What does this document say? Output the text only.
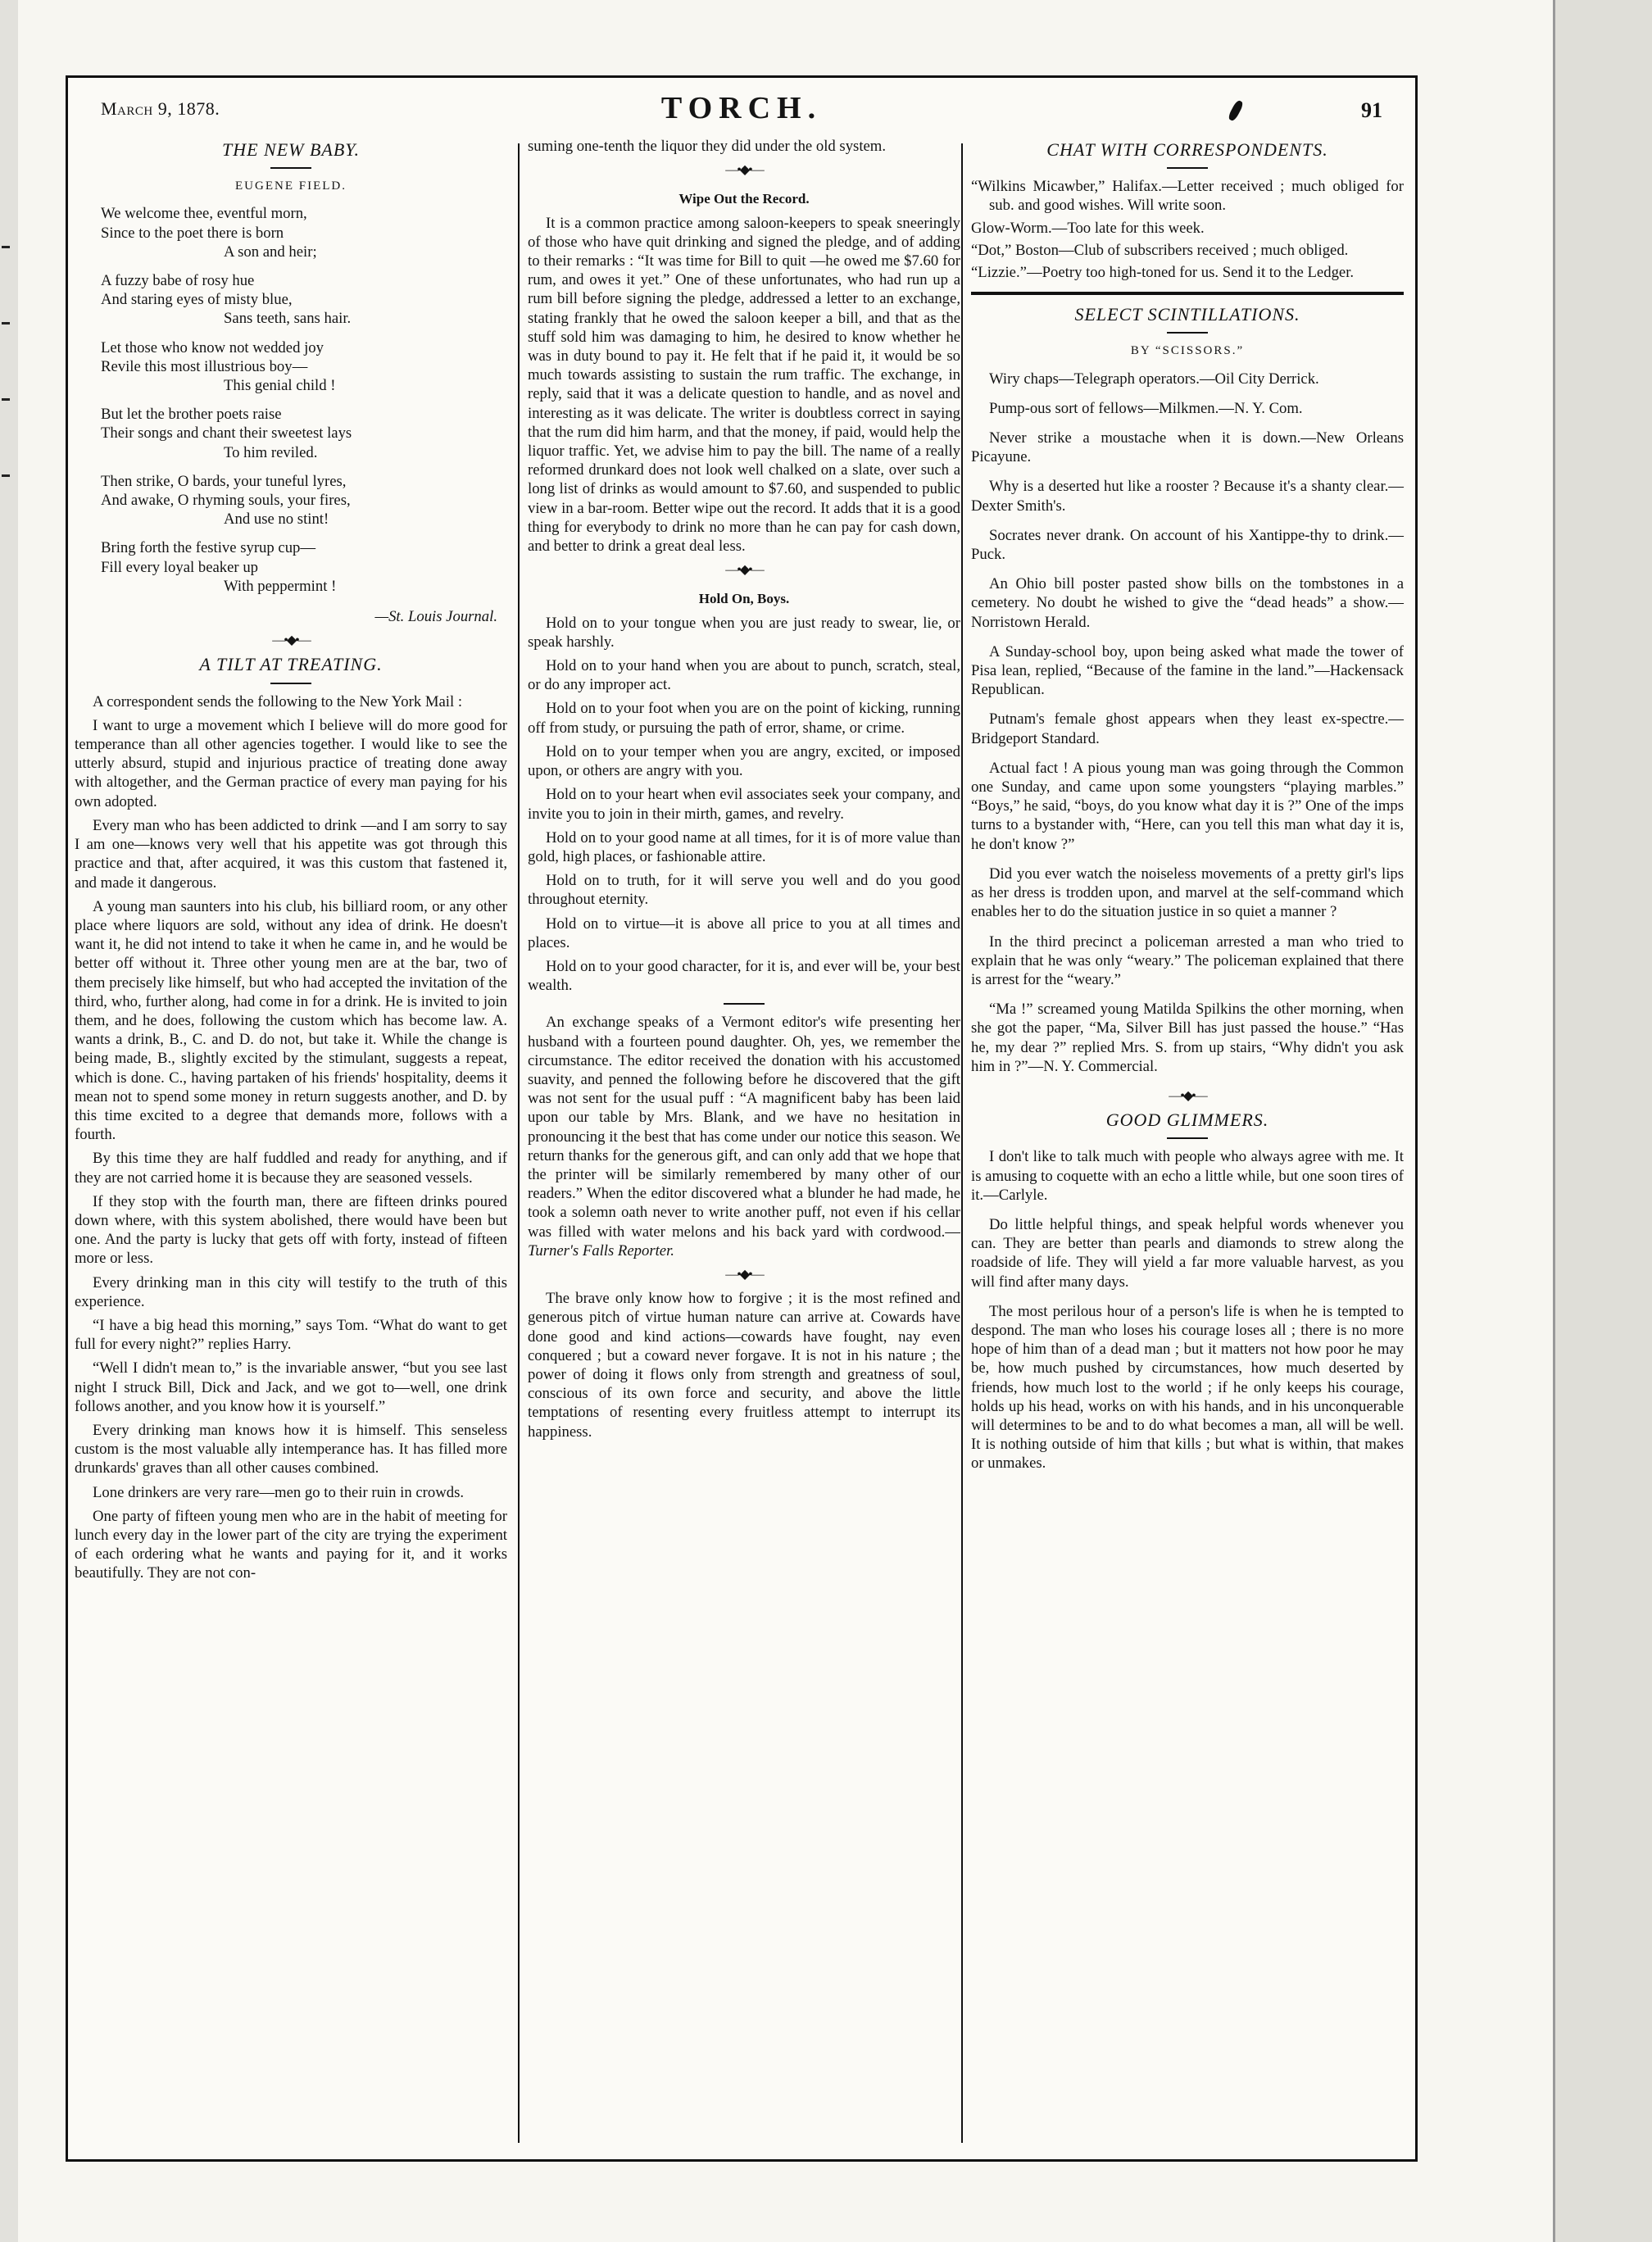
March 9, 1878.	TORCH.	91
THE NEW BABY.
EUGENE FIELD.
We welcome thee, eventful morn,
Since to the poet there is born
A son and heir;
A fuzzy babe of rosy hue
And staring eyes of misty blue,
Sans teeth, sans hair.
Let those who know not wedded joy
Revile this most illustrious boy—
This genial child !
But let the brother poets raise
Their songs and chant their sweetest lays
To him reviled.
Then strike, O bards, your tuneful lyres,
And awake, O rhyming souls, your fires,
And use no stint!
Bring forth the festive syrup cup—
Fill every loyal beaker up
With peppermint !
—St. Louis Journal.
—•◆•—
A TILT AT TREATING.

A correspondent sends the following to the New York Mail :

I want to urge a movement which I believe will do more good for temperance than all other agencies together. I would like to see the utterly absurd, stupid and injurious practice of treating done away with altogether, and the German practice of every man paying for his own adopted.

Every man who has been addicted to drink —and I am sorry to say I am one—knows very well that his appetite was got through this practice and that, after acquired, it was this custom that fastened it, and made it dangerous.

A young man saunters into his club, his billiard room, or any other place where liquors are sold, without any idea of drink. He doesn't want it, he did not intend to take it when he came in, and he would be better off without it. Three other young men are at the bar, two of them precisely like himself, but who had accepted the invitation of the third, who, further along, had come in for a drink. He is invited to join them, and he does, following the custom which has become law. A. wants a drink, B., C. and D. do not, but take it. While the change is being made, B., slightly excited by the stimulant, suggests a repeat, which is done. C., having partaken of his friends' hospitality, deems it mean not to spend some money in return suggests another, and D. by this time excited to a degree that demands more, follows with a fourth.

By this time they are half fuddled and ready for anything, and if they are not carried home it is because they are seasoned vessels.

If they stop with the fourth man, there are fifteen drinks poured down where, with this system abolished, there would have been but one. And the party is lucky that gets off with forty, instead of fifteen more or less.

Every drinking man in this city will testify to the truth of this experience.

“I have a big head this morning,” says Tom. “What do want to get full for every night?” replies Harry.

“Well I didn't mean to,” is the invariable answer, “but you see last night I struck Bill, Dick and Jack, and we got to—well, one drink follows another, and you know how it is yourself.”

Every drinking man knows how it is himself. This senseless custom is the most valuable ally intemperance has. It has filled more drunkards' graves than all other causes combined.

Lone drinkers are very rare—men go to their ruin in crowds.

One party of fifteen young men who are in the habit of meeting for lunch every day in the lower part of the city are trying the experiment of each ordering what he wants and paying for it, and it works beautifully. They are not con-

suming one-tenth the liquor they did under the old system.

—•◆•—
Wipe Out the Record.

It is a common practice among saloon-keepers to speak sneeringly of those who have quit drinking and signed the pledge, and of adding to their remarks : “It was time for Bill to quit —he owed me $7.60 for rum, and owes it yet.” One of these unfortunates, who had run up a rum bill before signing the pledge, addressed a letter to an exchange, stating frankly that he owed the saloon keeper a bill, and that as the stuff sold him was damaging to him, he desired to know whether he was in duty bound to pay it. He felt that if he paid it, it would be so much towards assisting to sustain the rum traffic. The exchange, in reply, said that it was a delicate question to handle, and as novel and interesting as it was delicate. The writer is doubtless correct in saying that the rum did him harm, and that the money, if paid, would help the liquor traffic. Yet, we advise him to pay the bill. The name of a really reformed drunkard does not look well chalked on a slate, over such a long list of drinks as would amount to $7.60, and suspended to public view in a bar-room. Better wipe out the record. It adds that it is a good thing for everybody to drink no more than he can pay for cash down, and better to drink a great deal less.

—•◆•—
Hold On, Boys.

Hold on to your tongue when you are just ready to swear, lie, or speak harshly.

Hold on to your hand when you are about to punch, scratch, steal, or do any improper act.

Hold on to your foot when you are on the point of kicking, running off from study, or pursuing the path of error, shame, or crime.

Hold on to your temper when you are angry, excited, or imposed upon, or others are angry with you.

Hold on to your heart when evil associates seek your company, and invite you to join in their mirth, games, and revelry.

Hold on to your good name at all times, for it is of more value than gold, high places, or fashionable attire.

Hold on to truth, for it will serve you well and do you good throughout eternity.

Hold on to virtue—it is above all price to you at all times and places.

Hold on to your good character, for it is, and ever will be, your best wealth.

An exchange speaks of a Vermont editor's wife presenting her husband with a fourteen pound daughter. Oh, yes, we remember the circumstance. The editor received the donation with his accustomed suavity, and penned the following before he discovered that the gift was not sent for the usual puff : “A magnificent baby has been laid upon our table by Mrs. Blank, and we have no hesitation in pronouncing it the best that has come under our notice this season. We return thanks for the generous gift, and can only add that we hope that the printer will be similarly remembered by many other of our readers.” When the editor discovered what a blunder he had made, he took a solemn oath never to write another puff, not even if his cellar was filled with water melons and his back yard with cordwood.—Turner's Falls Reporter.

—•◆•—

The brave only know how to forgive ; it is the most refined and generous pitch of virtue human nature can arrive at. Cowards have done good and kind actions—cowards have fought, nay even conquered ; but a coward never forgave. It is not in his nature ; the power of doing it flows only from strength and greatness of soul, conscious of its own force and security, and above the little temptations of resenting every fruitless attempt to interrupt its happiness.

CHAT WITH CORRESPONDENTS.

“Wilkins Micawber,” Halifax.—Letter received ; much obliged for sub. and good wishes. Will write soon.

Glow-Worm.—Too late for this week.

“Dot,” Boston—Club of subscribers received ; much obliged.

“Lizzie.”—Poetry too high-toned for us. Send it to the Ledger.

SELECT SCINTILLATIONS.
BY “SCISSORS.”

Wiry chaps—Telegraph operators.—Oil City Derrick.

Pump-ous sort of fellows—Milkmen.—N. Y. Com.

Never strike a moustache when it is down.—New Orleans Picayune.

Why is a deserted hut like a rooster ? Because it's a shanty clear.—Dexter Smith's.

Socrates never drank. On account of his Xantippe-thy to drink.—Puck.

An Ohio bill poster pasted show bills on the tombstones in a cemetery. No doubt he wished to give the “dead heads” a show.—Norristown Herald.

A Sunday-school boy, upon being asked what made the tower of Pisa lean, replied, “Because of the famine in the land.”—Hackensack Republican.

Putnam's female ghost appears when they least ex-spectre.—Bridgeport Standard.

Actual fact ! A pious young man was going through the Common one Sunday, and came upon some youngsters “playing marbles.” “Boys,” he said, “boys, do you know what day it is ?” One of the imps turns to a bystander with, “Here, can you tell this man what day it is, he don't know ?”

Did you ever watch the noiseless movements of a pretty girl's lips as her dress is trodden upon, and marvel at the self-command which enables her to do the situation justice in so quiet a manner ?

In the third precinct a policeman arrested a man who tried to explain that he was only “weary.” The policeman explained that there is arrest for the “weary.”

“Ma !” screamed young Matilda Spilkins the other morning, when she got the paper, “Ma, Silver Bill has just passed the house.” “Has he, my dear ?” replied Mrs. S. from up stairs, “Why didn't you ask him in ?”—N. Y. Commercial.

—•◆•—
GOOD GLIMMERS.

I don't like to talk much with people who always agree with me. It is amusing to coquette with an echo a little while, but one soon tires of it.—Carlyle.

Do little helpful things, and speak helpful words whenever you can. They are better than pearls and diamonds to strew along the roadside of life. They will yield a far more valuable harvest, as you will find after many days.

The most perilous hour of a person's life is when he is tempted to despond. The man who loses his courage loses all ; there is no more hope of him than of a dead man ; but it matters not how poor he may be, how much pushed by circumstances, how much deserted by friends, how much lost to the world ; if he only keeps his courage, holds up his head, works on with his hands, and in his unconquerable will determines to be and to do what becomes a man, all will be well. It is nothing outside of him that kills ; but what is within, that makes or unmakes.
